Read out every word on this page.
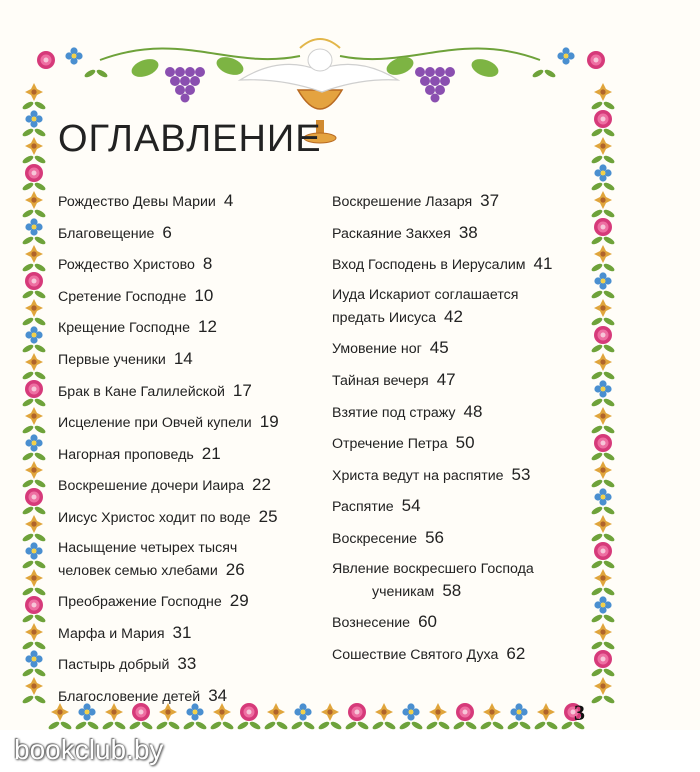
ОГЛАВЛЕНИЕ
Рождество Девы Марии 4
Благовещение 6
Рождество Христово 8
Сретение Господне 10
Крещение Господне 12
Первые ученики 14
Брак в Кане Галилейской 17
Исцеление при Овчей купели 19
Нагорная проповедь 21
Воскрешение дочери Иаира 22
Иисус Христос ходит по воде 25
Насыщение четырех тысяч
человек семью хлебами 26
Преображение Господне 29
Марфа и Мария 31
Пастырь добрый 33
Благословение детей 34
Воскрешение Лазаря 37
Раскаяние Закхея 38
Вход Господень в Иерусалим 41
Иуда Искариот соглашается
предать Иисуса 42
Умовение ног 45
Тайная вечеря 47
Взятие под стражу 48
Отречение Петра 50
Христа ведут на распятие 53
Распятие 54
Воскресение 56
Явление воскресшего Господа
ученикам 58
Вознесение 60
Сошествие Святого Духа 62
3
bookclub.by
